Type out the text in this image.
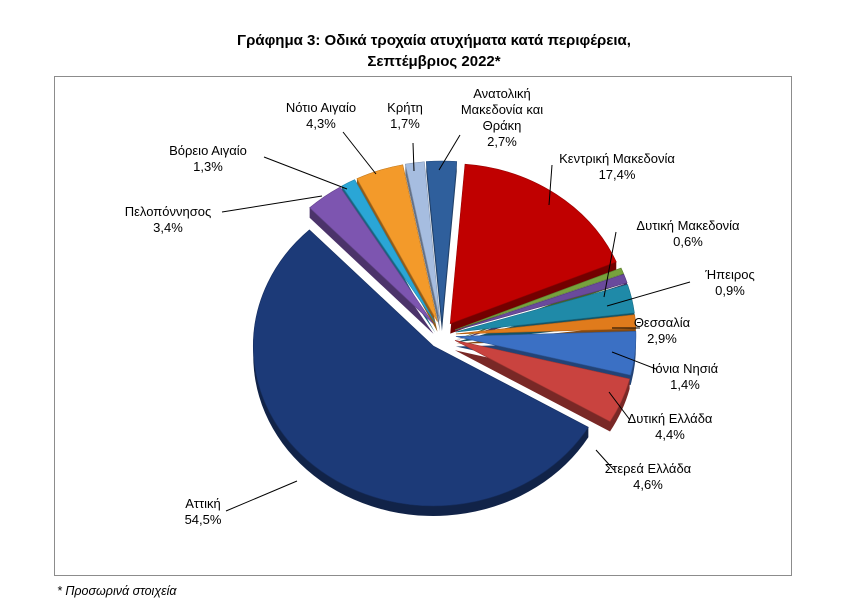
Γράφημα 3: Οδικά τροχαία ατυχήματα κατά περιφέρεια,
Σεπτέμβριος 2022*
Ανατολική Μακεδονία και Θράκη 2,7%
Κεντρική Μακεδονία 17,4%
Δυτική Μακεδονία 0,6%
Ήπειρος 0,9%
Θεσσαλία 2,9%
Ιόνια Νησιά 1,4%
Δυτική Ελλάδα 4,4%
Στερεά Ελλάδα 4,6%
Αττική 54,5%
Πελοπόννησος 3,4%
Βόρειο Αιγαίο 1,3%
Νότιο Αιγαίο 4,3%
Κρήτη 1,7%
* Προσωρινά στοιχεία
